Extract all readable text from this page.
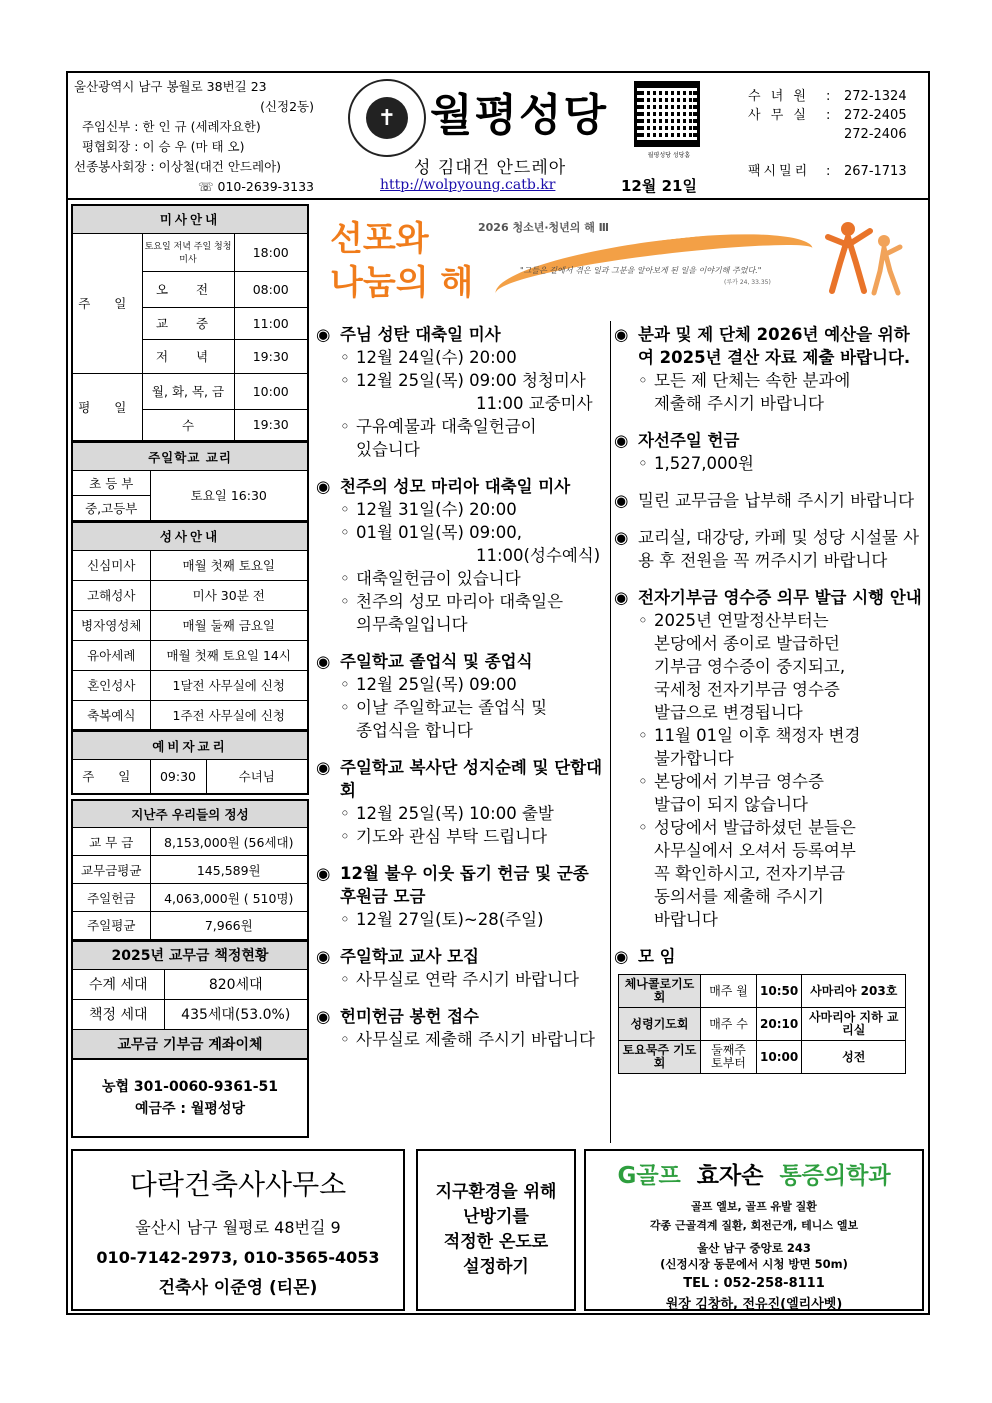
울산광역시 남구 봉월로 38번길 23
(신정2동)
주임신부 : 한 인 규 (세례자요한)
평협회장 : 이 승 우 (마 태 오)
선종봉사회장 : 이상철(대건 안드레아)
☏ 010-2639-3133
✝ 월평성당
성 김대건 안드레아
http://wolpyoung.catb.kr	12월 21일
월평성당 성당홈
수 녀 원	:	272-1324
사 무 실	:	272-2405
272-2406
팩시밀리	:	267-1713
미사안내		
주 일	토요일 저녁 주일 청청미사	18:00
	오 전	08:00
	교 중	11:00
	저 녁	19:30
평 일	월, 화, 목, 금	10:00
	수	19:30
주일학교 교리
초 등 부	토요일 16:30
중,고등부
성사안내	
신심미사	매월 첫째 토요일
고해성사	미사 30분 전
병자영성체	매월 둘째 금요일
유아세례	매월 첫째 토요일 14시
혼인성사	1달전 사무실에 신청
축복예식	1주전 사무실에 신청
예비자교리
주 일	09:30	수녀님
지난주 우리들의 정성	
교 무 금	8,153,000원 (56세대)
교무금평균	145,589원
주일헌금	4,063,000원 ( 510명)
주일평균	7,966원
2025년 교무금 책정현황	
수계 세대	820세대
책정 세대	435세대(53.0%)
교무금 기부금 계좌이체	
농협 301-0060-9361-51
예금주 : 월평성당
선포와
나눔의 해
2026 청소년·청년의 해 Ⅲ
"그들은 길에서 겪은 일과 그분을 알아보게 된 일을 이야기해 주었다."
(루카 24, 33.35)
◉ 주님 성탄 대축일 미사
◦ 12월 24일(수) 20:00
◦ 12월 25일(목) 09:00 청청미사
11:00 교중미사
◦ 구유예물과 대축일헌금이
있습니다
◉ 천주의 성모 마리아 대축일 미사
◦ 12월 31일(수) 20:00
◦ 01월 01일(목) 09:00,
11:00(성수예식)
◦ 대축일헌금이 있습니다
◦ 천주의 성모 마리아 대축일은
의무축일입니다
◉ 주일학교 졸업식 및 종업식
◦ 12월 25일(목) 09:00
◦ 이날 주일학교는 졸업식 및
종업식을 합니다
◉ 주일학교 복사단 성지순례 및 단합대회
◦ 12월 25일(목) 10:00 출발
◦ 기도와 관심 부탁 드립니다
◉ 12월 불우 이웃 돕기 헌금 및 군종 후원금 모금
◦ 12월 27일(토)~28(주일)
◉ 주일학교 교사 모집
◦ 사무실로 연락 주시기 바랍니다
◉ 헌미헌금 봉헌 접수
◦ 사무실로 제출해 주시기 바랍니다
◉ 분과 및 제 단체 2026년 예산을 위하여 2025년 결산 자료 제출 바랍니다.
◦ 모든 제 단체는 속한 분과에
제출해 주시기 바랍니다
◉ 자선주일 헌금
◦ 1,527,000원
◉ 밀린 교무금을 납부해 주시기 바랍니다
◉ 교리실, 대강당, 카페 및 성당 시설물 사용 후 전원을 꼭 꺼주시기 바랍니다
◉ 전자기부금 영수증 의무 발급 시행 안내
◦ 2025년 연말정산부터는
본당에서 종이로 발급하던
기부금 영수증이 중지되고,
국세청 전자기부금 영수증
발급으로 변경됩니다
◦ 11월 01일 이후 책정자 변경
불가합니다
◦ 본당에서 기부금 영수증
발급이 되지 않습니다
◦ 성당에서 발급하셨던 분들은
사무실에서 오셔서 등록여부
꼭 확인하시고, 전자기부금
동의서를 제출해 주시기
바랍니다
◉ 모 임
체나콜로기도회	매주 월	10:50	사마리아 203호
성령기도회	매주 수	20:10	사마리아 지하 교리실
토요묵주 기도회	둘째주 토부터	10:00	성전
다락건축사사무소
울산시 남구 월평로 48번길 9
010-7142-2973, 010-3565-4053
건축사 이준영 (티몬)
지구환경을 위해
난방기를
적정한 온도로
설정하기
G골프 효자손 통증의학과
골프 엘보, 골프 유발 질환
각종 근골격계 질환, 회전근개, 테니스 엘보
울산 남구 중앙로 243
(신정시장 동문에서 시청 방면 50m)
TEL : 052-258-8111
원장 김창하, 전유진(엘리사벳)
